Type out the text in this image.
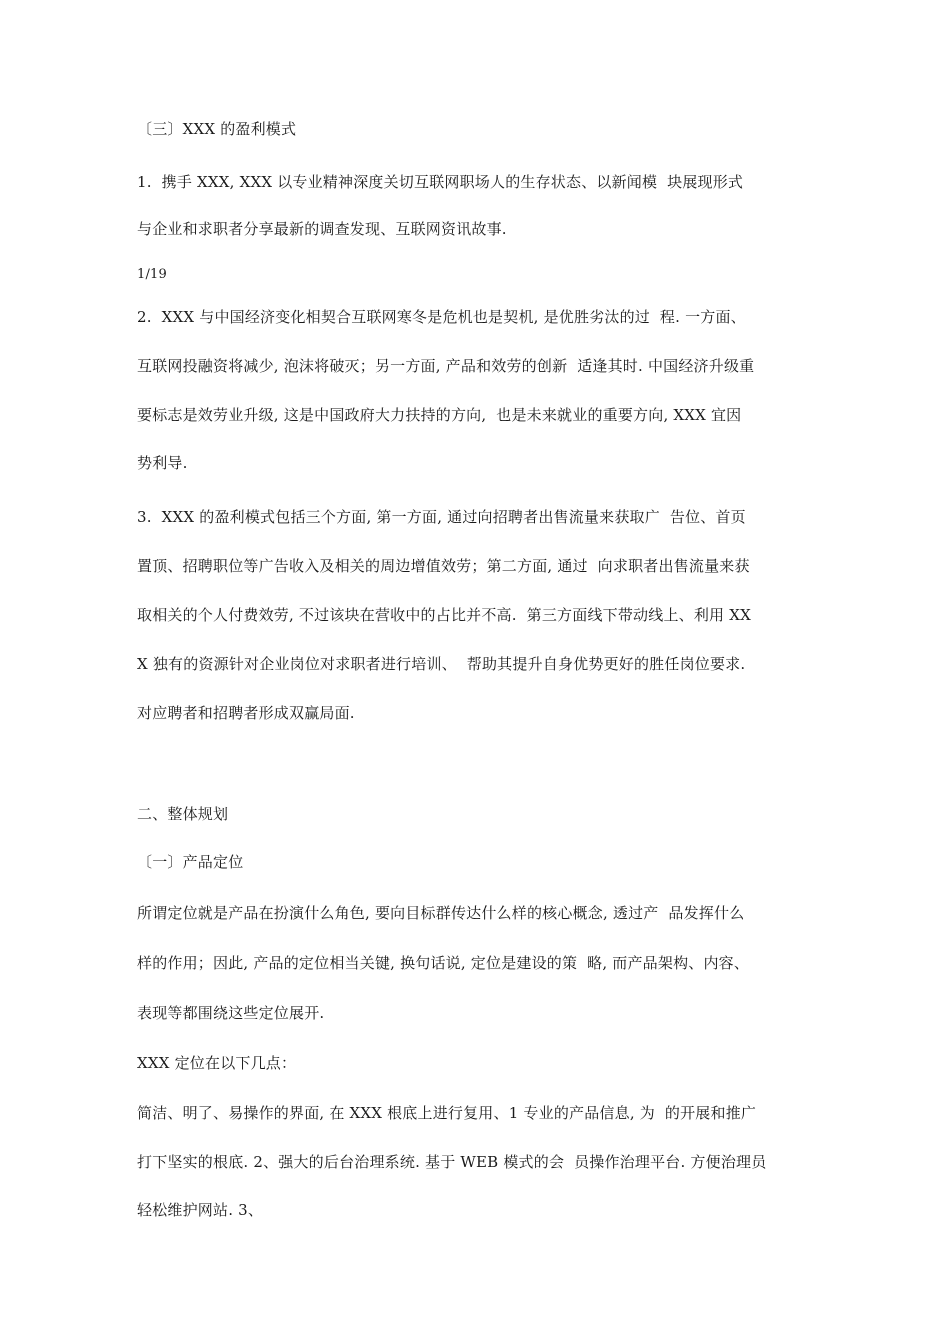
〔三〕XXX 的盈利模式
1.  携手 XXX, XXX 以专业精神深度关切互联网职场人的生存状态、以新闻模  块展现形式
与企业和求职者分享最新的调查发现、互联网资讯故事.
1/19
2.  XXX 与中国经济变化相契合互联网寒冬是危机也是契机, 是优胜劣汰的过  程. 一方面、
互联网投融资将减少, 泡沫将破灭；另一方面, 产品和效劳的创新  适逢其时. 中国经济升级重
要标志是效劳业升级, 这是中国政府大力扶持的方向,  也是未来就业的重要方向, XXX 宜因
势利导.
3.  XXX 的盈利模式包括三个方面, 第一方面, 通过向招聘者出售流量来获取广  告位、首页
置顶、招聘职位等广告收入及相关的周边增值效劳；第二方面, 通过  向求职者出售流量来获
取相关的个人付费效劳, 不过该块在营收中的占比并不高.  第三方面线下带动线上、利用 XX
X 独有的资源针对企业岗位对求职者进行培训、  帮助其提升自身优势更好的胜任岗位要求.
对应聘者和招聘者形成双赢局面.
二、整体规划
〔一〕产品定位
所谓定位就是产品在扮演什么角色, 要向目标群传达什么样的核心概念, 透过产  品发挥什么
样的作用；因此, 产品的定位相当关键, 换句话说, 定位是建设的策  略, 而产品架构、内容、
表现等都围绕这些定位展开.
XXX 定位在以下几点：
简洁、明了、易操作的界面, 在 XXX 根底上进行复用、1 专业的产品信息, 为  的开展和推广
打下坚实的根底. 2、强大的后台治理系统. 基于 WEB 模式的会  员操作治理平台. 方便治理员
轻松维护网站. 3、
